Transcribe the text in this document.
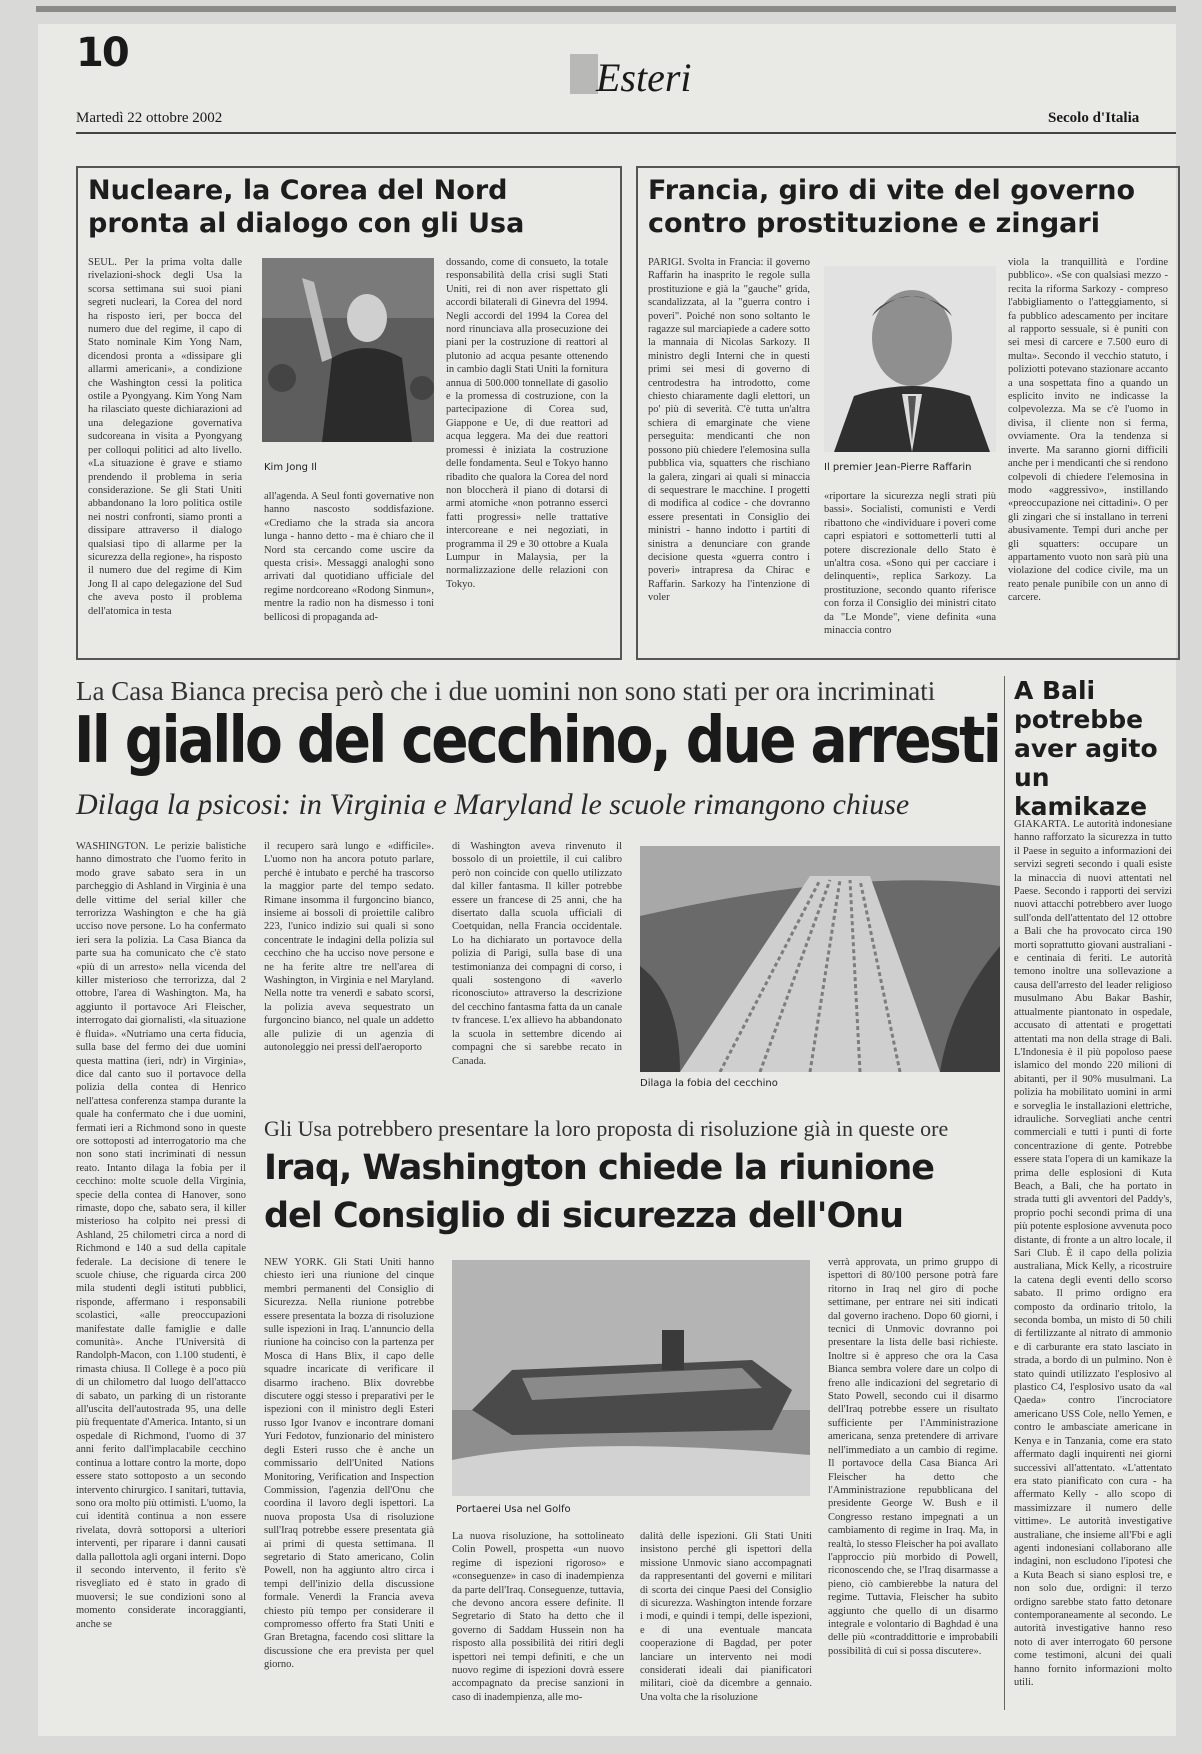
10
Esteri
Martedì 22 ottobre 2002	Secolo d'Italia
Nucleare, la Corea del Nord
pronta al dialogo con gli Usa
SEUL. Per la prima volta dalle rivelazioni-shock degli Usa la scorsa settimana sui suoi piani segreti nucleari, la Corea del nord ha risposto ieri, per bocca del numero due del regime, il capo di Stato nominale Kim Yong Nam, dicendosi pronta a «dissipare gli allarmi americani», a condizione che Washington cessi la politica ostile a Pyongyang. Kim Yong Nam ha rilasciato queste dichiarazioni ad una delegazione governativa sudcoreana in visita a Pyongyang per colloqui politici ad alto livello. «La situazione è grave e stiamo prendendo il problema in seria considerazione. Se gli Stati Uniti abbandonano la loro politica ostile nei nostri confronti, siamo pronti a dissipare attraverso il dialogo qualsiasi tipo di allarme per la sicurezza della regione», ha risposto il numero due del regime di Kim Jong Il al capo delegazione del Sud che aveva posto il problema dell'atomica in testa
Kim Jong Il
all'agenda. A Seul fonti governative non hanno nascosto soddisfazione. «Crediamo che la strada sia ancora lunga - hanno detto - ma è chiaro che il Nord sta cercando come uscire da questa crisi». Messaggi analoghi sono arrivati dal quotidiano ufficiale del regime nordcoreano «Rodong Sinmun», mentre la radio non ha dismesso i toni bellicosi di propaganda ad-
dossando, come di consueto, la totale responsabilità della crisi sugli Stati Uniti, rei di non aver rispettato gli accordi bilaterali di Ginevra del 1994. Negli accordi del 1994 la Corea del nord rinunciava alla prosecuzione dei piani per la costruzione di reattori al plutonio ad acqua pesante ottenendo in cambio dagli Stati Uniti la fornitura annua di 500.000 tonnellate di gasolio e la promessa di costruzione, con la partecipazione di Corea sud, Giappone e Ue, di due reattori ad acqua leggera. Ma dei due reattori promessi è iniziata la costruzione delle fondamenta. Seul e Tokyo hanno ribadito che qualora la Corea del nord non bloccherà il piano di dotarsi di armi atomiche «non potranno esserci fatti progressi» nelle trattative intercoreane e nei negoziati, in programma il 29 e 30 ottobre a Kuala Lumpur in Malaysia, per la normalizzazione delle relazioni con Tokyo.
Francia, giro di vite del governo
contro prostituzione e zingari
PARIGI. Svolta in Francia: il governo Raffarin ha inasprito le regole sulla prostituzione e già la "gauche" grida, scandalizzata, al la "guerra contro i poveri". Poiché non sono soltanto le ragazze sul marciapiede a cadere sotto la mannaia di Nicolas Sarkozy. Il ministro degli Interni che in questi primi sei mesi di governo di centrodestra ha introdotto, come chiesto chiaramente dagli elettori, un po' più di severità. C'è tutta un'altra schiera di emarginate che viene perseguita: mendicanti che non possono più chiedere l'elemosina sulla pubblica via, squatters che rischiano la galera, zingari ai quali si minaccia di sequestrare le macchine. I progetti di modifica al codice - che dovranno essere presentati in Consiglio dei ministri - hanno indotto i partiti di sinistra a denunciare con grande decisione questa «guerra contro i poveri» intrapresa da Chirac e Raffarin. Sarkozy ha l'intenzione di voler
Il premier Jean-Pierre Raffarin
«riportare la sicurezza negli strati più bassi». Socialisti, comunisti e Verdi ribattono che «individuare i poveri come capri espiatori e sottometterli tutti al potere discrezionale dello Stato è un'altra cosa. «Sono qui per cacciare i delinquenti», replica Sarkozy. La prostituzione, secondo quanto riferisce con forza il Consiglio dei ministri citato da "Le Monde", viene definita «una minaccia contro
viola la tranquillità e l'ordine pubblico». «Se con qualsiasi mezzo - recita la riforma Sarkozy - compreso l'abbigliamento o l'atteggiamento, si fa pubblico adescamento per incitare al rapporto sessuale, si è puniti con sei mesi di carcere e 7.500 euro di multa». Secondo il vecchio statuto, i poliziotti potevano stazionare accanto a una sospettata fino a quando un esplicito invito ne indicasse la colpevolezza. Ma se c'è l'uomo in divisa, il cliente non si ferma, ovviamente. Ora la tendenza si inverte. Ma saranno giorni difficili anche per i mendicanti che si rendono colpevoli di chiedere l'elemosina in modo «aggressivo», instillando «preoccupazione nei cittadini». O per gli zingari che si installano in terreni abusivamente. Tempi duri anche per gli squatters: occupare un appartamento vuoto non sarà più una violazione del codice civile, ma un reato penale punibile con un anno di carcere.
La Casa Bianca precisa però che i due uomini non sono stati per ora incriminati
Il giallo del cecchino, due arresti
Dilaga la psicosi: in Virginia e Maryland le scuole rimangono chiuse
WASHINGTON. Le perizie balistiche hanno dimostrato che l'uomo ferito in modo grave sabato sera in un parcheggio di Ashland in Virginia è una delle vittime del serial killer che terrorizza Washington e che ha già ucciso nove persone. Lo ha confermato ieri sera la polizia. La Casa Bianca da parte sua ha comunicato che c'è stato «più di un arresto» nella vicenda del killer misterioso che terrorizza, dal 2 ottobre, l'area di Washington. Ma, ha aggiunto il portavoce Ari Fleischer, interrogato dai giornalisti, «la situazione è fluida». «Nutriamo una certa fiducia, sulla base del fermo dei due uomini questa mattina (ieri, ndr) in Virginia», dice dal canto suo il portavoce della polizia della contea di Henrico nell'attesa conferenza stampa durante la quale ha confermato che i due uomini, fermati ieri a Richmond sono in queste ore sottoposti ad interrogatorio ma che non sono stati incriminati di nessun reato. Intanto dilaga la fobia per il cecchino: molte scuole della Virginia, specie della contea di Hanover, sono rimaste, dopo che, sabato sera, il killer misterioso ha colpito nei pressi di Ashland, 25 chilometri circa a nord di Richmond e 140 a sud della capitale federale. La decisione di tenere le scuole chiuse, che riguarda circa 200 mila studenti degli istituti pubblici, risponde, affermano i responsabili scolastici, «alle preoccupazioni manifestate dalle famiglie e dalle comunità». Anche l'Università di Randolph-Macon, con 1.100 studenti, è rimasta chiusa. Il College è a poco più di un chilometro dal luogo dell'attacco di sabato, un parking di un ristorante all'uscita dell'autostrada 95, una delle più frequentate d'America. Intanto, si un ospedale di Richmond, l'uomo di 37 anni ferito dall'implacabile cecchino continua a lottare contro la morte, dopo essere stato sottoposto a un secondo intervento chirurgico. I sanitari, tuttavia, sono ora molto più ottimisti. L'uomo, la cui identità continua a non essere rivelata, dovrà sottoporsi a ulteriori interventi, per riparare i danni causati dalla pallottola agli organi interni. Dopo il secondo intervento, il ferito s'è risvegliato ed è stato in grado di muoversi; le sue condizioni sono al momento considerate incoraggianti, anche se
il recupero sarà lungo e «difficile». L'uomo non ha ancora potuto parlare, perché è intubato e perché ha trascorso la maggior parte del tempo sedato. Rimane insomma il furgoncino bianco, insieme ai bossoli di proiettile calibro 223, l'unico indizio sui quali si sono concentrate le indagini della polizia sul cecchino che ha ucciso nove persone e ne ha ferite altre tre nell'area di Washington, in Virginia e nel Maryland. Nella notte tra venerdì e sabato scorsi, la polizia aveva sequestrato un furgoncino bianco, nel quale un addetto alle pulizie di un agenzia di autonoleggio nei pressi dell'aeroporto
di Washington aveva rinvenuto il bossolo di un proiettile, il cui calibro però non coincide con quello utilizzato dal killer fantasma. Il killer potrebbe essere un francese di 25 anni, che ha disertato dalla scuola ufficiali di Coetquidan, nella Francia occidentale. Lo ha dichiarato un portavoce della polizia di Parigi, sulla base di una testimonianza dei compagni di corso, i quali sostengono di «averlo riconosciuto» attraverso la descrizione del cecchino fantasma fatta da un canale tv francese. L'ex allievo ha abbandonato la scuola in settembre dicendo ai compagni che si sarebbe recato in Canada.
Dilaga la fobia del cecchino
Gli Usa potrebbero presentare la loro proposta di risoluzione già in queste ore
Iraq, Washington chiede la riunione
del Consiglio di sicurezza dell'Onu
NEW YORK. Gli Stati Uniti hanno chiesto ieri una riunione del cinque membri permanenti del Consiglio di Sicurezza. Nella riunione potrebbe essere presentata la bozza di risoluzione sulle ispezioni in Iraq. L'annuncio della riunione ha coinciso con la partenza per Mosca di Hans Blix, il capo delle squadre incaricate di verificare il disarmo iracheno. Blix dovrebbe discutere oggi stesso i preparativi per le ispezioni con il ministro degli Esteri russo Igor Ivanov e incontrare domani Yuri Fedotov, funzionario del ministero degli Esteri russo che è anche un commissario dell'United Nations Monitoring, Verification and Inspection Commission, l'agenzia dell'Onu che coordina il lavoro degli ispettori. La nuova proposta Usa di risoluzione sull'Iraq potrebbe essere presentata già ai primi di questa settimana. Il segretario di Stato americano, Colin Powell, non ha aggiunto altro circa i tempi dell'inizio della discussione formale. Venerdì la Francia aveva chiesto più tempo per considerare il compromesso offerto fra Stati Uniti e Gran Bretagna, facendo così slittare la discussione che era prevista per quel giorno.
Portaerei Usa nel Golfo
La nuova risoluzione, ha sottolineato Colin Powell, prospetta «un nuovo regime di ispezioni rigoroso» e «conseguenze» in caso di inadempienza da parte dell'Iraq. Conseguenze, tuttavia, che devono ancora essere definite. Il Segretario di Stato ha detto che il governo di Saddam Hussein non ha risposto alla possibilità dei ritiri degli ispettori nei tempi definiti, e che un nuovo regime di ispezioni dovrà essere accompagnato da precise sanzioni in caso di inadempienza, alle mo-
dalità delle ispezioni. Gli Stati Uniti insistono perché gli ispettori della missione Unmovic siano accompagnati da rappresentanti del governi e militari di scorta dei cinque Paesi del Consiglio di sicurezza. Washington intende forzare i modi, e quindi i tempi, delle ispezioni, e di una eventuale mancata cooperazione di Bagdad, per poter lanciare un intervento nei modi considerati ideali dai pianificatori militari, cioè da dicembre a gennaio. Una volta che la risoluzione
verrà approvata, un primo gruppo di ispettori di 80/100 persone potrà fare ritorno in Iraq nel giro di poche settimane, per entrare nei siti indicati dal governo iracheno. Dopo 60 giorni, i tecnici di Unmovic dovranno poi presentare la lista delle basi richieste. Inoltre si è appreso che ora la Casa Bianca sembra volere dare un colpo di freno alle indicazioni del segretario di Stato Powell, secondo cui il disarmo dell'Iraq potrebbe essere un risultato sufficiente per l'Amministrazione americana, senza pretendere di arrivare nell'immediato a un cambio di regime. Il portavoce della Casa Bianca Ari Fleischer ha detto che l'Amministrazione repubblicana del presidente George W. Bush e il Congresso restano impegnati a un cambiamento di regime in Iraq. Ma, in realtà, lo stesso Fleischer ha poi avallato l'approccio più morbido di Powell, riconoscendo che, se l'Iraq disarmasse a pieno, ciò cambierebbe la natura del regime. Tuttavia, Fleischer ha subito aggiunto che quello di un disarmo integrale e volontario di Baghdad è una delle più «contraddittorie e improbabili possibilità di cui si possa discutere».
A Bali
potrebbe
aver agito
un kamikaze
GIAKARTA. Le autorità indonesiane hanno rafforzato la sicurezza in tutto il Paese in seguito a informazioni dei servizi segreti secondo i quali esiste la minaccia di nuovi attentati nel Paese. Secondo i rapporti dei servizi nuovi attacchi potrebbero aver luogo sull'onda dell'attentato del 12 ottobre a Bali che ha provocato circa 190 morti soprattutto giovani australiani - e centinaia di feriti. Le autorità temono inoltre una sollevazione a causa dell'arresto del leader religioso musulmano Abu Bakar Bashir, attualmente piantonato in ospedale, accusato di attentati e progettati attentati ma non della strage di Bali. L'Indonesia è il più popoloso paese islamico del mondo 220 milioni di abitanti, per il 90% musulmani. La polizia ha mobilitato uomini in armi e sorveglia le installazioni elettriche, idrauliche. Sorvegliati anche centri commerciali e tutti i punti di forte concentrazione di gente. Potrebbe essere stata l'opera di un kamikaze la prima delle esplosioni di Kuta Beach, a Bali, che ha portato in strada tutti gli avventori del Paddy's, proprio pochi secondi prima di una più potente esplosione avvenuta poco distante, di fronte a un altro locale, il Sari Club. È il capo della polizia australiana, Mick Kelly, a ricostruire la catena degli eventi dello scorso sabato. Il primo ordigno era composto da ordinario tritolo, la seconda bomba, un misto di 50 chili di fertilizzante al nitrato di ammonio e di carburante era stato lasciato in strada, a bordo di un pulmino. Non è stato quindi utilizzato l'esplosivo al plastico C4, l'esplosivo usato da «al Qaeda» contro l'incrociatore americano USS Cole, nello Yemen, e contro le ambasciate americane in Kenya e in Tanzania, come era stato affermato dagli inquirenti nei giorni successivi all'attentato. «L'attentato era stato pianificato con cura - ha affermato Kelly - allo scopo di massimizzare il numero delle vittime». Le autorità investigative australiane, che insieme all'Fbi e agli agenti indonesiani collaborano alle indagini, non escludono l'ipotesi che a Kuta Beach si siano esplosi tre, e non solo due, ordigni: il terzo ordigno sarebbe stato fatto detonare contemporaneamente al secondo. Le autorità investigative hanno reso noto di aver interrogato 60 persone come testimoni, alcuni dei quali hanno fornito informazioni molto utili.
